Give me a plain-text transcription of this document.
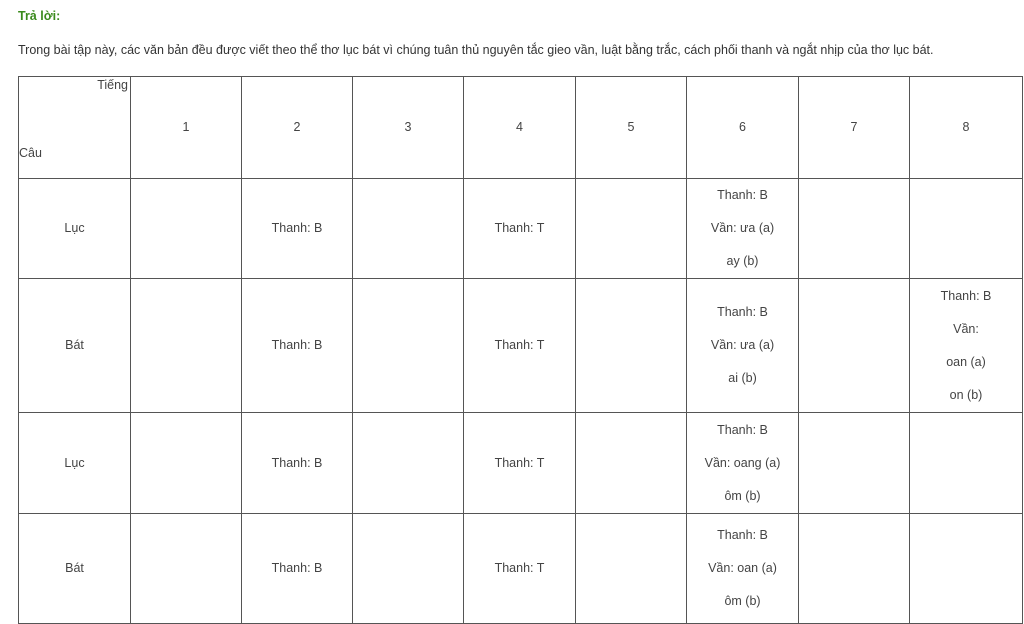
Trả lời:
Trong bài tập này, các văn bản đều được viết theo thể thơ lục bát vì chúng tuân thủ nguyên tắc gieo vần, luật bằng trắc, cách phối thanh và ngắt nhịp của thơ lục bát.
Tiếng
Câu	1	2	3	4	5	6	7	8
Lục		Thanh: B		Thanh: T		Thanh: B
Vần: ưa (a)
ay (b)		

Bát		Thanh: B		Thanh: T		Thanh: B
Vần: ưa (a)
ai (b)		Thanh: B
Vần:
oan (a)
on (b)

Lục		Thanh: B		Thanh: T		Thanh: B
Vần: oang (a)
ôm (b)		

Bát		Thanh: B		Thanh: T		Thanh: B
Vần: oan (a)
ôm (b)		
